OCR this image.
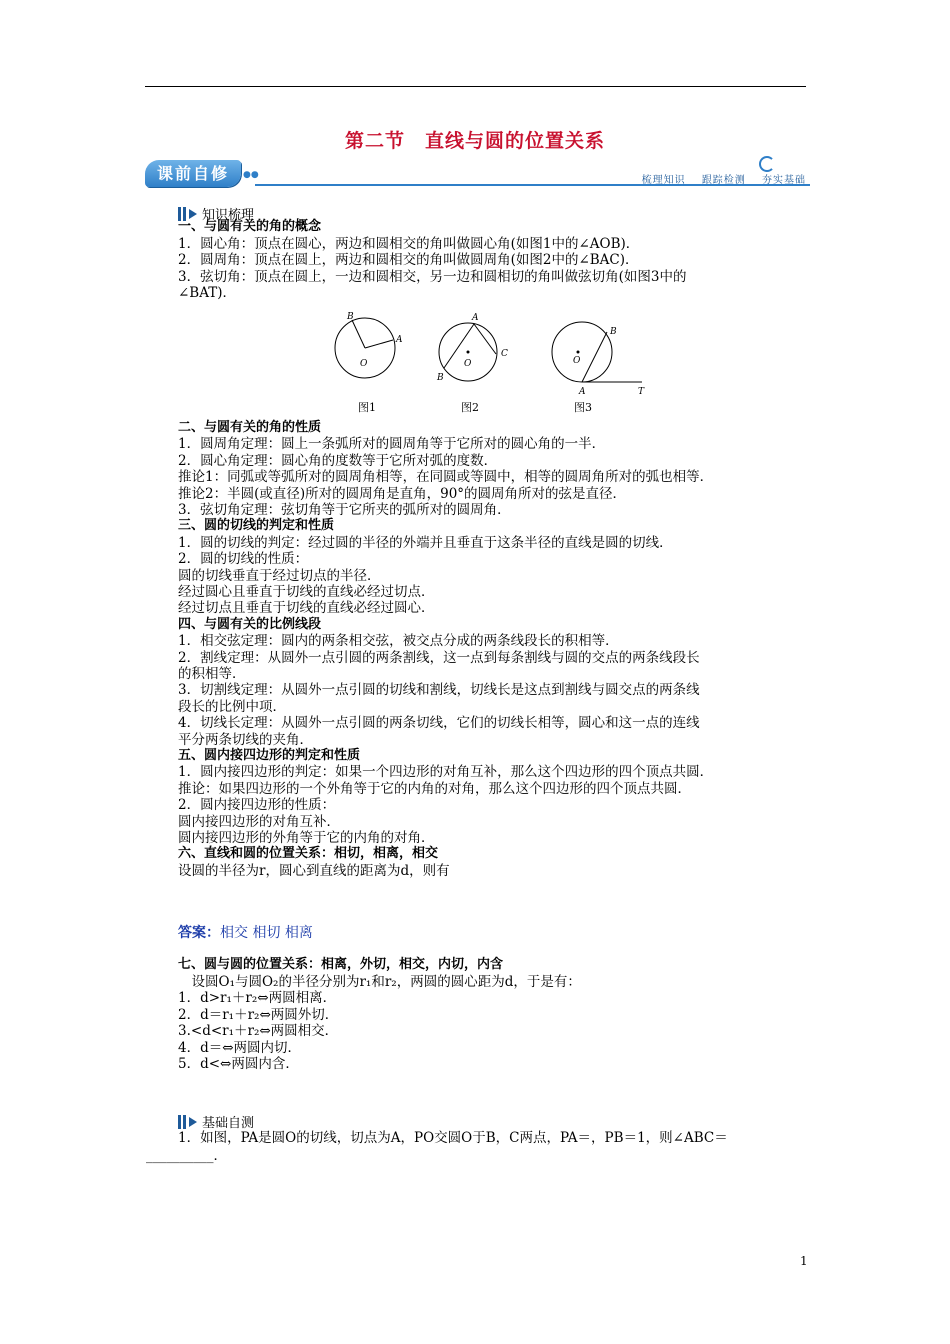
第二节　直线与圆的位置关系
课前自修	●●	梳理知识 跟踪检测 夯实基础
知识梳理
一、与圆有关的角的概念
1．圆心角：顶点在圆心，两边和圆相交的角叫做圆心角(如图1中的∠AOB)．
2．圆周角：顶点在圆上，两边和圆相交的角叫做圆周角(如图2中的∠BAC)．
3．弦切角：顶点在圆上，一边和圆相交，另一边和圆相切的角叫做弦切角(如图3中的
∠BAT)．
B
A
O
A
C
B
O
B
O
A	T
图1	图2	图3
二、与圆有关的角的性质
1．圆周角定理：圆上一条弧所对的圆周角等于它所对的圆心角的一半．
2．圆心角定理：圆心角的度数等于它所对弧的度数．
推论1：同弧或等弧所对的圆周角相等，在同圆或等圆中，相等的圆周角所对的弧也相等．
推论2：半圆(或直径)所对的圆周角是直角，90°的圆周角所对的弦是直径．
3．弦切角定理：弦切角等于它所夹的弧所对的圆周角．
三、圆的切线的判定和性质
1．圆的切线的判定：经过圆的半径的外端并且垂直于这条半径的直线是圆的切线．
2．圆的切线的性质：
圆的切线垂直于经过切点的半径．
经过圆心且垂直于切线的直线必经过切点．
经过切点且垂直于切线的直线必经过圆心．
四、与圆有关的比例线段
1．相交弦定理：圆内的两条相交弦，被交点分成的两条线段长的积相等．
2．割线定理：从圆外一点引圆的两条割线，这一点到每条割线与圆的交点的两条线段长
的积相等．
3．切割线定理：从圆外一点引圆的切线和割线，切线长是这点到割线与圆交点的两条线
段长的比例中项．
4．切线长定理：从圆外一点引圆的两条切线，它们的切线长相等，圆心和这一点的连线
平分两条切线的夹角．
五、圆内接四边形的判定和性质
1．圆内接四边形的判定：如果一个四边形的对角互补，那么这个四边形的四个顶点共圆．
推论：如果四边形的一个外角等于它的内角的对角，那么这个四边形的四个顶点共圆．
2．圆内接四边形的性质：
圆内接四边形的对角互补．
圆内接四边形的外角等于它的内角的对角．
六、直线和圆的位置关系：相切，相离，相交
设圆的半径为r，圆心到直线的距离为d，则有
答案：相交 相切 相离
七、圆与圆的位置关系：相离，外切，相交，内切，内含
　设圆O₁与圆O₂的半径分别为r₁和r₂，两圆的圆心距为d，于是有：
1．d>r₁＋r₂⇔两圆相离．
2．d＝r₁＋r₂⇔两圆外切．
3.<d<r₁＋r₂⇔两圆相交．
4．d＝⇔两圆内切．
5．d<⇔两圆内含．
基础自测
1．如图，PA是圆O的切线，切点为A，PO交圆O于B，C两点，PA＝，PB＝1，则∠ABC＝
__________．
1
